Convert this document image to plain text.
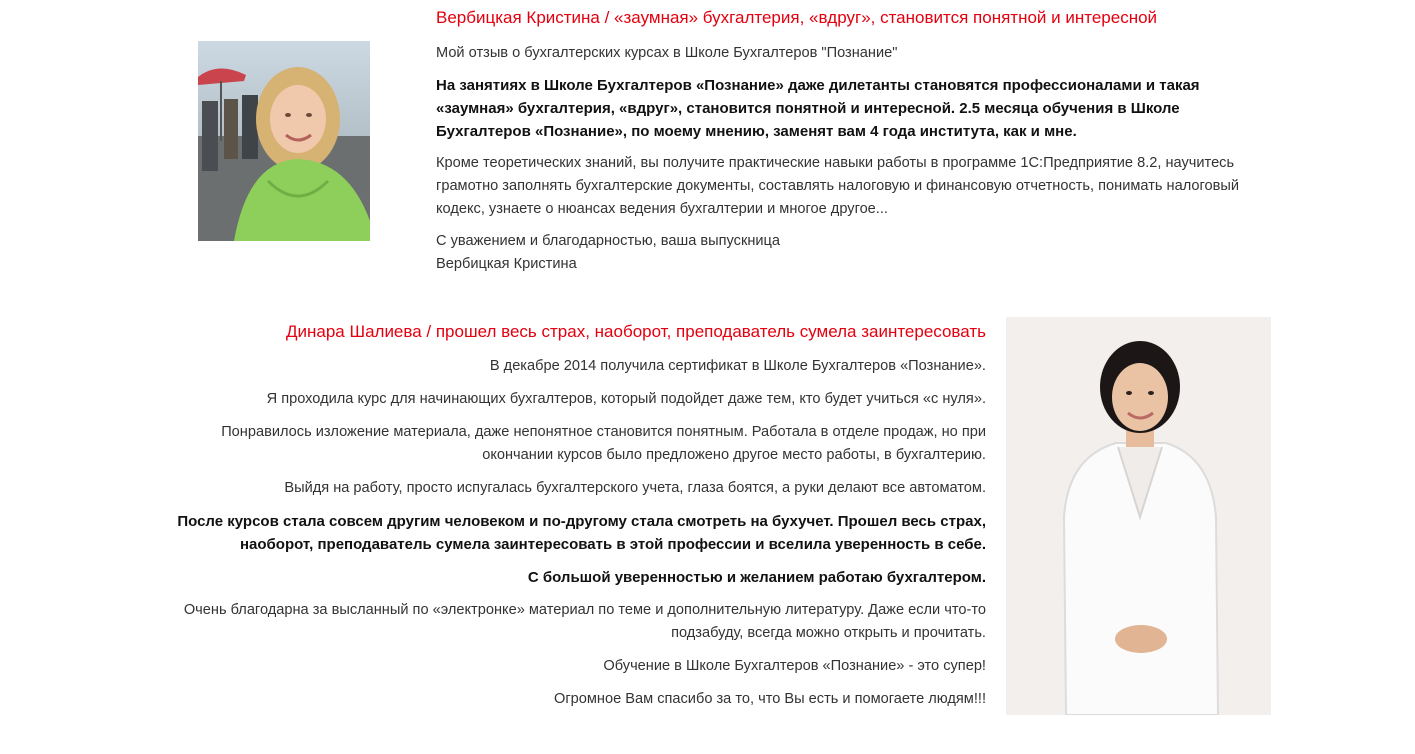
Вербицкая Кристина / «заумная» бухгалтерия, «вдруг», становится понятной и интересной

Мой отзыв о бухгалтерских курсах в Школе Бухгалтеров "Познание"

На занятиях в Школе Бухгалтеров «Познание» даже дилетанты становятся профессионалами и такая «заумная» бухгалтерия, «вдруг», становится понятной и интересной. 2.5 месяца обучения в Школе Бухгалтеров «Познание», по моему мнению, заменят вам 4 года института, как и мне.

Кроме теоретических знаний, вы получите практические навыки работы в программе 1С:Предприятие 8.2, научитесь грамотно заполнять бухгалтерские документы, составлять налоговую и финансовую отчетность, понимать налоговый кодекс, узнаете о нюансах ведения бухгалтерии и многое другое...

С уважением и благодарностью, ваша выпускница

Вербицкая Кристина

Динара Шалиева / прошел весь страх, наоборот, преподаватель сумела заинтересовать

В декабре 2014 получила сертификат в Школе Бухгалтеров «Познание».

Я проходила курс для начинающих бухгалтеров, который подойдет даже тем, кто будет учиться «с нуля».

Понравилось изложение материала, даже непонятное становится понятным. Работала в отделе продаж, но при окончании курсов было предложено другое место работы, в бухгалтерию.

Выйдя на работу, просто испугалась бухгалтерского учета, глаза боятся, а руки делают все автоматом.

После курсов стала совсем другим человеком и по-другому стала смотреть на бухучет. Прошел весь страх, наоборот, преподаватель сумела заинтересовать в этой профессии и вселила уверенность в себе.

С большой уверенностью и желанием работаю бухгалтером.

Очень благодарна за высланный по «электронке» материал по теме и дополнительную литературу. Даже если что-то подзабуду, всегда можно открыть и прочитать.

Обучение в Школе Бухгалтеров «Познание» - это супер!

Огромное Вам спасибо за то, что Вы есть и помогаете людям!!!
